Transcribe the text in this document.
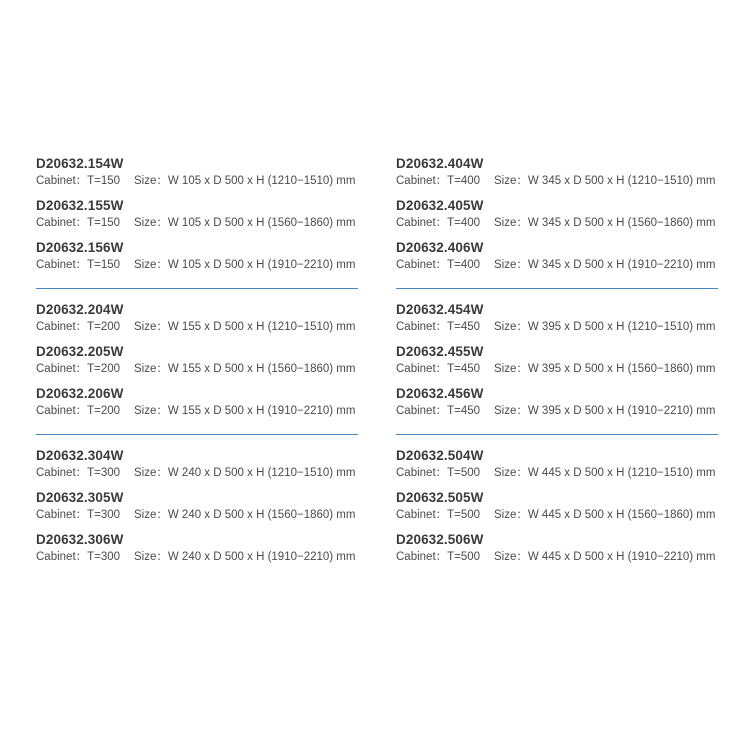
D20632.154W
Cabinet：T=150 Size：W 105 x D 500 x H (1210−1510) mm
D20632.155W
Cabinet：T=150 Size：W 105 x D 500 x H (1560−1860) mm
D20632.156W
Cabinet：T=150 Size：W 105 x D 500 x H (1910−2210) mm
D20632.204W
Cabinet：T=200 Size：W 155 x D 500 x H (1210−1510) mm
D20632.205W
Cabinet：T=200 Size：W 155 x D 500 x H (1560−1860) mm
D20632.206W
Cabinet：T=200 Size：W 155 x D 500 x H (1910−2210) mm
D20632.304W
Cabinet：T=300 Size：W 240 x D 500 x H (1210−1510) mm
D20632.305W
Cabinet：T=300 Size：W 240 x D 500 x H (1560−1860) mm
D20632.306W
Cabinet：T=300 Size：W 240 x D 500 x H (1910−2210) mm
D20632.404W
Cabinet：T=400 Size：W 345 x D 500 x H (1210−1510) mm
D20632.405W
Cabinet：T=400 Size：W 345 x D 500 x H (1560−1860) mm
D20632.406W
Cabinet：T=400 Size：W 345 x D 500 x H (1910−2210) mm
D20632.454W
Cabinet：T=450 Size：W 395 x D 500 x H (1210−1510) mm
D20632.455W
Cabinet：T=450 Size：W 395 x D 500 x H (1560−1860) mm
D20632.456W
Cabinet：T=450 Size：W 395 x D 500 x H (1910−2210) mm
D20632.504W
Cabinet：T=500 Size：W 445 x D 500 x H (1210−1510) mm
D20632.505W
Cabinet：T=500 Size：W 445 x D 500 x H (1560−1860) mm
D20632.506W
Cabinet：T=500 Size：W 445 x D 500 x H (1910−2210) mm
